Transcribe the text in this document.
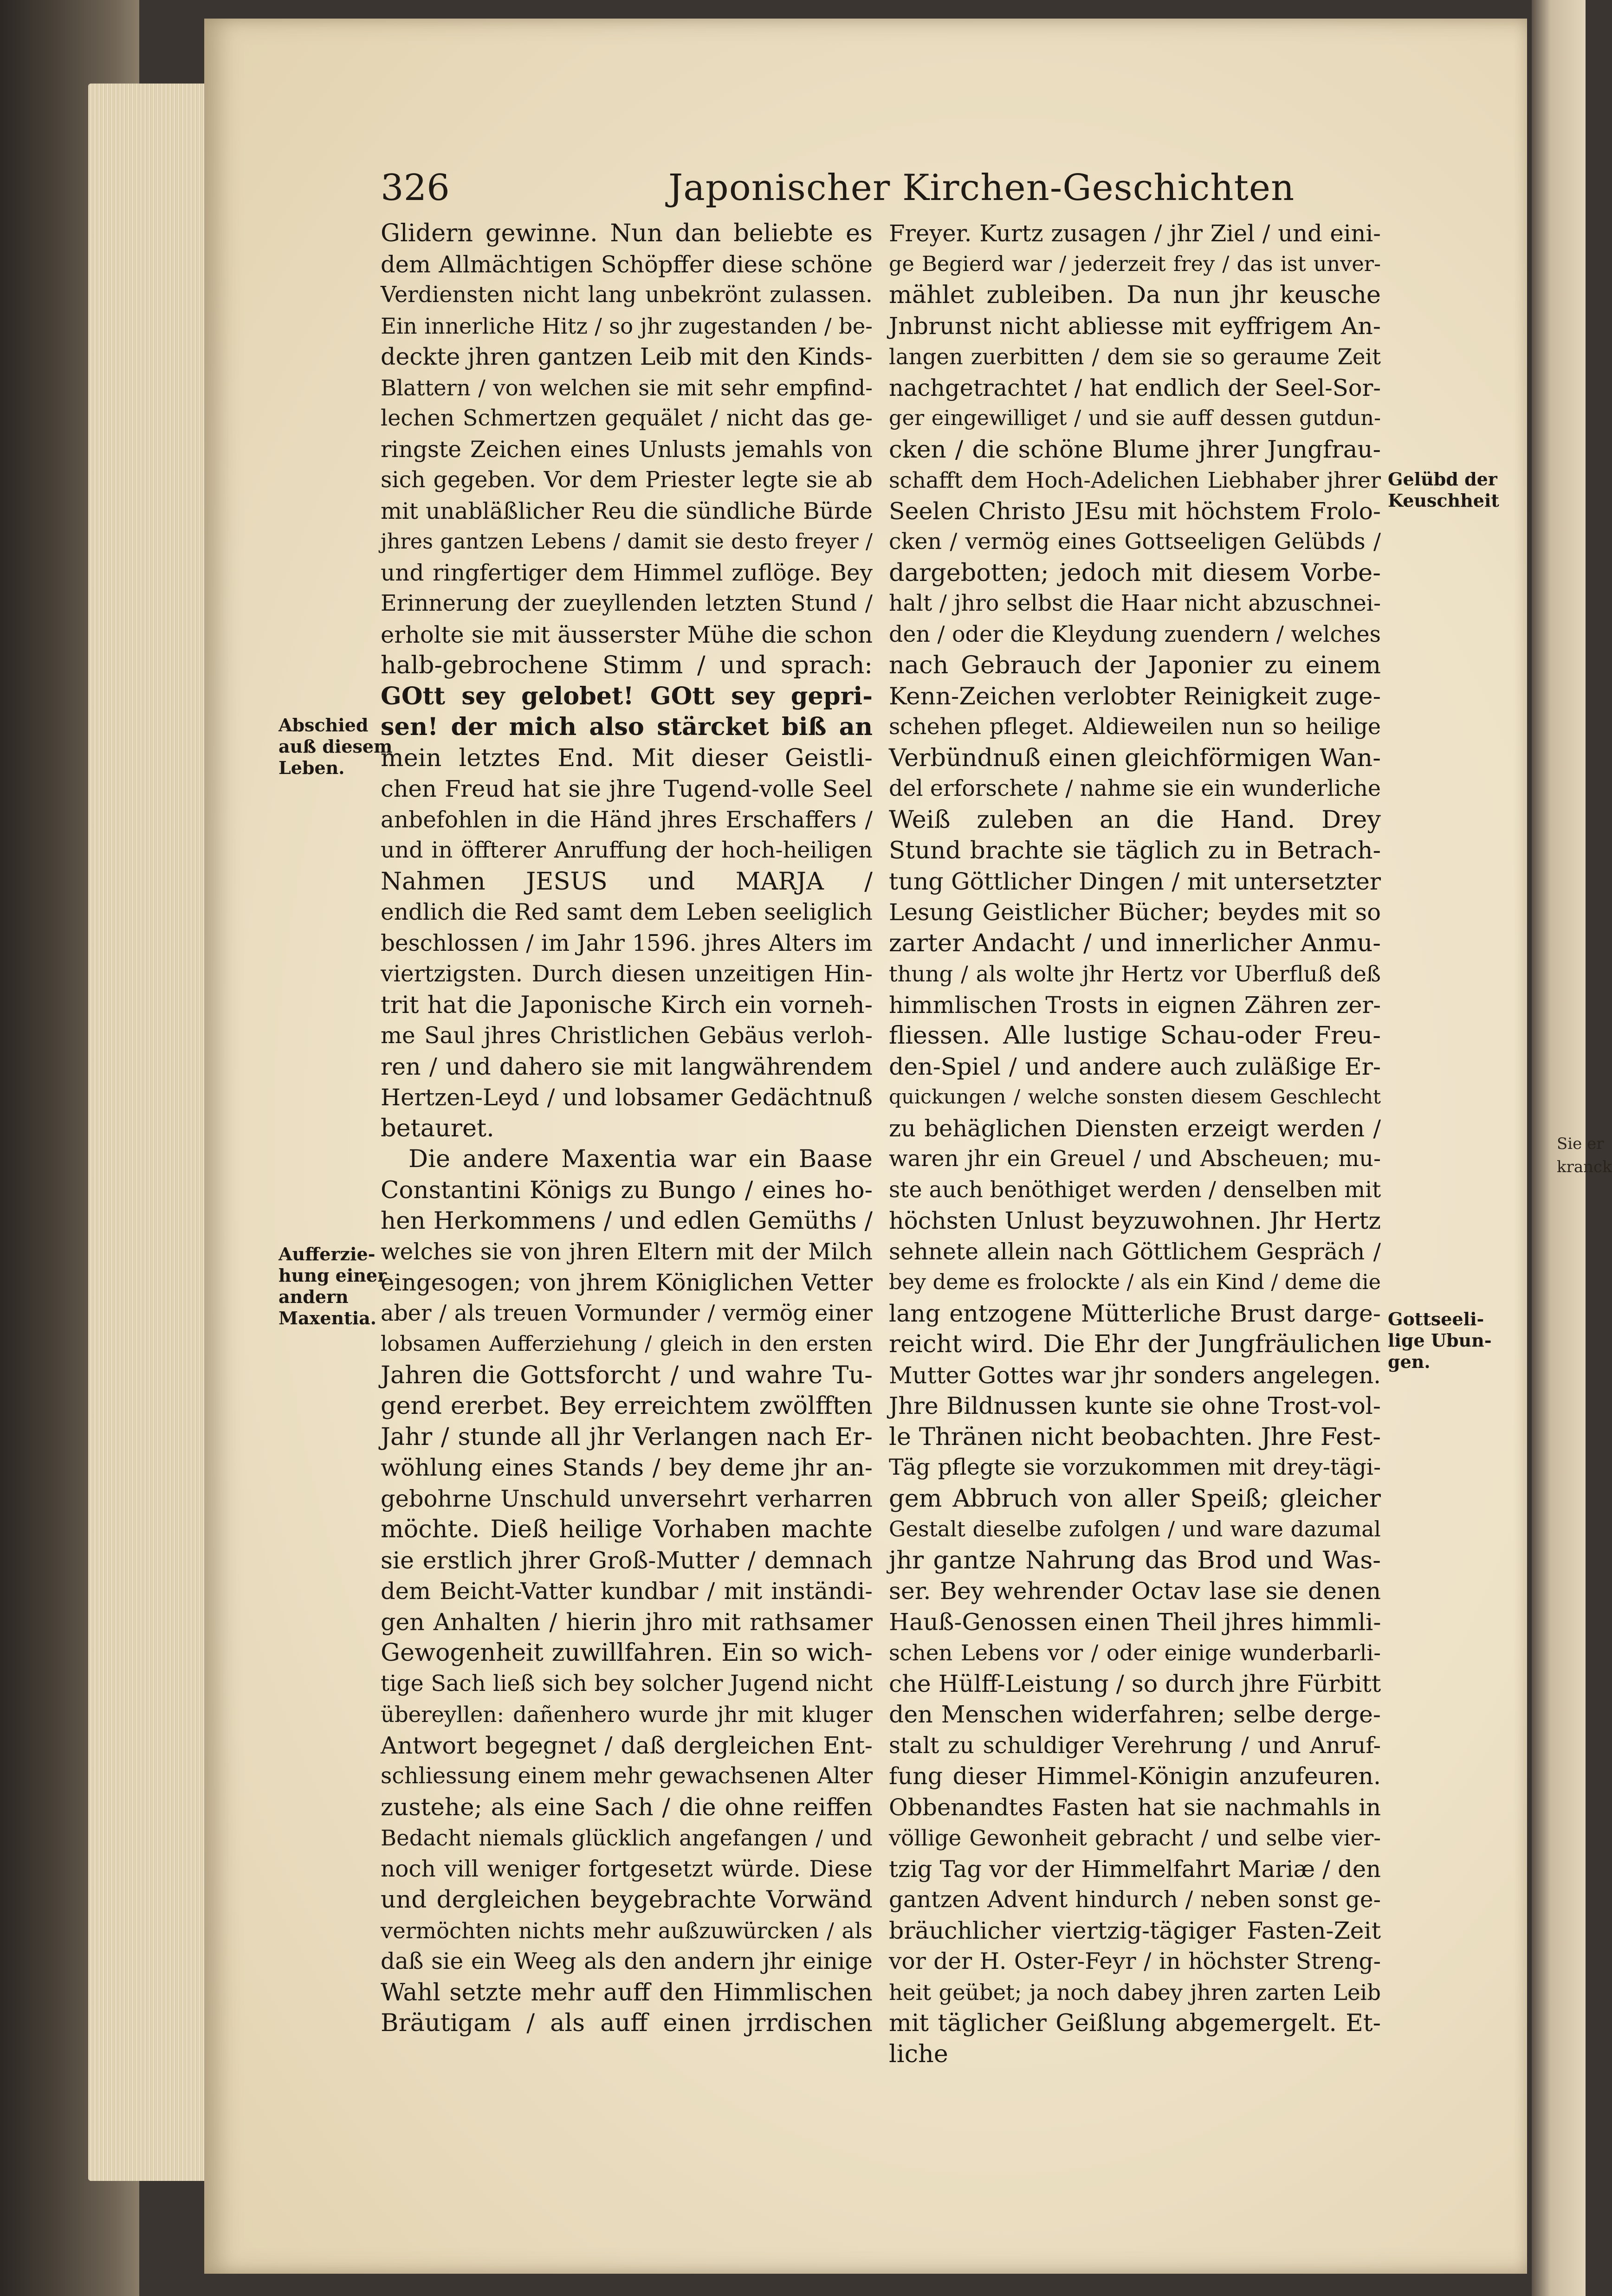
Sie er
kranck
326	Japonischer Kirchen-Geschichten
Glidern gewinne. Nun dan beliebte es
dem Allmächtigen Schöpffer diese schöne
Verdiensten nicht lang unbekrönt zulassen.
Ein innerliche Hitz / so jhr zugestanden / be-
deckte jhren gantzen Leib mit den Kinds-
Blattern / von welchen sie mit sehr empfind-
lechen Schmertzen gequälet / nicht das ge-
ringste Zeichen eines Unlusts jemahls von
sich gegeben. Vor dem Priester legte sie ab
mit unabläßlicher Reu die sündliche Bürde
jhres gantzen Lebens / damit sie desto freyer /
und ringfertiger dem Himmel zuflöge. Bey
Erinnerung der zueyllenden letzten Stund /
erholte sie mit äusserster Mühe die schon
halb-gebrochene Stimm / und sprach:
GOtt sey gelobet! GOtt sey gepri-
sen! der mich also stärcket biß an
mein letztes End. Mit dieser Geistli-
chen Freud hat sie jhre Tugend-volle Seel
anbefohlen in die Händ jhres Erschaffers /
und in öffterer Anruffung der hoch-heiligen
Nahmen JESUS und MARJA /
endlich die Red samt dem Leben seeliglich
beschlossen / im Jahr 1596. jhres Alters im
viertzigsten. Durch diesen unzeitigen Hin-
trit hat die Japonische Kirch ein vorneh-
me Saul jhres Christlichen Gebäus verloh-
ren / und dahero sie mit langwährendem
Hertzen-Leyd / und lobsamer Gedächtnuß
betauret.
Die andere Maxentia war ein Baase
Constantini Königs zu Bungo / eines ho-
hen Herkommens / und edlen Gemüths /
welches sie von jhren Eltern mit der Milch
eingesogen; von jhrem Königlichen Vetter
aber / als treuen Vormunder / vermög einer
lobsamen Aufferziehung / gleich in den ersten
Jahren die Gottsforcht / und wahre Tu-
gend ererbet. Bey erreichtem zwölfften
Jahr / stunde all jhr Verlangen nach Er-
wöhlung eines Stands / bey deme jhr an-
gebohrne Unschuld unversehrt verharren
möchte. Dieß heilige Vorhaben machte
sie erstlich jhrer Groß-Mutter / demnach
dem Beicht-Vatter kundbar / mit inständi-
gen Anhalten / hierin jhro mit rathsamer
Gewogenheit zuwillfahren. Ein so wich-
tige Sach ließ sich bey solcher Jugend nicht
übereyllen: dañenhero wurde jhr mit kluger
Antwort begegnet / daß dergleichen Ent-
schliessung einem mehr gewachsenen Alter
zustehe; als eine Sach / die ohne reiffen
Bedacht niemals glücklich angefangen / und
noch vill weniger fortgesetzt würde. Diese
und dergleichen beygebrachte Vorwänd
vermöchten nichts mehr außzuwürcken / als
daß sie ein Weeg als den andern jhr einige
Wahl setzte mehr auff den Himmlischen
Bräutigam / als auff einen jrrdischen
Freyer. Kurtz zusagen / jhr Ziel / und eini-
ge Begierd war / jederzeit frey / das ist unver-
mählet zubleiben. Da nun jhr keusche
Jnbrunst nicht abliesse mit eyffrigem An-
langen zuerbitten / dem sie so geraume Zeit
nachgetrachtet / hat endlich der Seel-Sor-
ger eingewilliget / und sie auff dessen gutdun-
cken / die schöne Blume jhrer Jungfrau-
schafft dem Hoch-Adelichen Liebhaber jhrer
Seelen Christo JEsu mit höchstem Frolo-
cken / vermög eines Gottseeligen Gelübds /
dargebotten; jedoch mit diesem Vorbe-
halt / jhro selbst die Haar nicht abzuschnei-
den / oder die Kleydung zuendern / welches
nach Gebrauch der Japonier zu einem
Kenn-Zeichen verlobter Reinigkeit zuge-
schehen pfleget. Aldieweilen nun so heilige
Verbündnuß einen gleichförmigen Wan-
del erforschete / nahme sie ein wunderliche
Weiß zuleben an die Hand. Drey
Stund brachte sie täglich zu in Betrach-
tung Göttlicher Dingen / mit untersetzter
Lesung Geistlicher Bücher; beydes mit so
zarter Andacht / und innerlicher Anmu-
thung / als wolte jhr Hertz vor Uberfluß deß
himmlischen Trosts in eignen Zähren zer-
fliessen. Alle lustige Schau-oder Freu-
den-Spiel / und andere auch zuläßige Er-
quickungen / welche sonsten diesem Geschlecht
zu behäglichen Diensten erzeigt werden /
waren jhr ein Greuel / und Abscheuen; mu-
ste auch benöthiget werden / denselben mit
höchsten Unlust beyzuwohnen. Jhr Hertz
sehnete allein nach Göttlichem Gespräch /
bey deme es frolockte / als ein Kind / deme die
lang entzogene Mütterliche Brust darge-
reicht wird. Die Ehr der Jungfräulichen
Mutter Gottes war jhr sonders angelegen.
Jhre Bildnussen kunte sie ohne Trost-vol-
le Thränen nicht beobachten. Jhre Fest-
Täg pflegte sie vorzukommen mit drey-tägi-
gem Abbruch von aller Speiß; gleicher
Gestalt dieselbe zufolgen / und ware dazumal
jhr gantze Nahrung das Brod und Was-
ser. Bey wehrender Octav lase sie denen
Hauß-Genossen einen Theil jhres himmli-
schen Lebens vor / oder einige wunderbarli-
che Hülff-Leistung / so durch jhre Fürbitt
den Menschen widerfahren; selbe derge-
stalt zu schuldiger Verehrung / und Anruf-
fung dieser Himmel-Königin anzufeuren.
Obbenandtes Fasten hat sie nachmahls in
völlige Gewonheit gebracht / und selbe vier-
tzig Tag vor der Himmelfahrt Mariæ / den
gantzen Advent hindurch / neben sonst ge-
bräuchlicher viertzig-tägiger Fasten-Zeit
vor der H. Oster-Feyr / in höchster Streng-
heit geübet; ja noch dabey jhren zarten Leib
mit täglicher Geißlung abgemergelt. Et-
liche
Abschied
auß diesem
Leben.
Aufferzie-
hung einer
andern
Maxentia.
Gelübd der
Keuschheit
Gottseeli-
lige Ubun-
gen.
